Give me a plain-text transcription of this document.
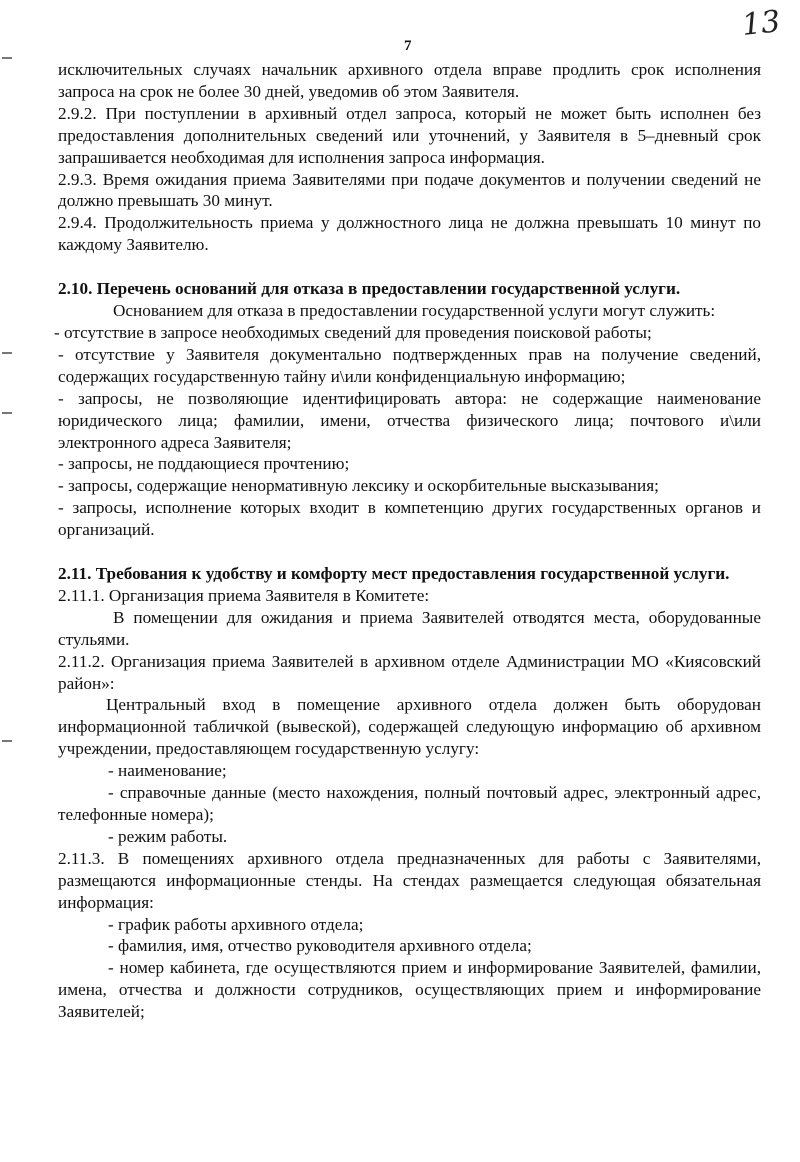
13
7

исключительных случаях начальник архивного отдела вправе продлить срок исполнения запроса на срок не более 30 дней, уведомив об этом Заявителя.

2.9.2. При поступлении в архивный отдел запроса, который не может быть исполнен без предоставления дополнительных сведений или уточнений, у Заявителя в 5–дневный срок запрашивается необходимая для исполнения запроса информация.

2.9.3. Время ожидания приема Заявителями при подаче документов и получении сведений не должно превышать 30 минут.

2.9.4. Продолжительность приема у должностного лица не должна превышать 10 минут по каждому Заявителю.

2.10. Перечень оснований для отказа в предоставлении государственной услуги.

Основанием для отказа в предоставлении государственной услуги могут служить:

- отсутствие в запросе необходимых сведений для проведения поисковой работы;

- отсутствие у Заявителя документально подтвержденных прав на получение сведений, содержащих государственную тайну и\или конфиденциальную информацию;

- запросы, не позволяющие идентифицировать автора: не содержащие наименование юридического лица; фамилии, имени, отчества физического лица; почтового и\или электронного адреса Заявителя;

- запросы, не поддающиеся прочтению;

- запросы, содержащие ненормативную лексику и оскорбительные высказывания;

- запросы, исполнение которых входит в компетенцию других государственных органов и организаций.

2.11. Требования к удобству и комфорту мест предоставления государственной услуги.

2.11.1. Организация приема Заявителя в Комитете:

В помещении для ожидания и приема Заявителей отводятся места, оборудованные стульями.

2.11.2. Организация приема Заявителей в архивном отделе Администрации МО «Киясовский район»:

Центральный вход в помещение архивного отдела должен быть оборудован информационной табличкой (вывеской), содержащей следующую информацию об архивном учреждении, предоставляющем государственную услугу:

- наименование;

- справочные данные (место нахождения, полный почтовый адрес, электронный адрес, телефонные номера);

- режим работы.

2.11.3. В помещениях архивного отдела предназначенных для работы с Заявителями, размещаются информационные стенды. На стендах размещается следующая обязательная информация:

- график работы архивного отдела;

- фамилия, имя, отчество руководителя архивного отдела;

- номер кабинета, где осуществляются прием и информирование Заявителей, фамилии, имена, отчества и должности сотрудников, осуществляющих прием и информирование Заявителей;
